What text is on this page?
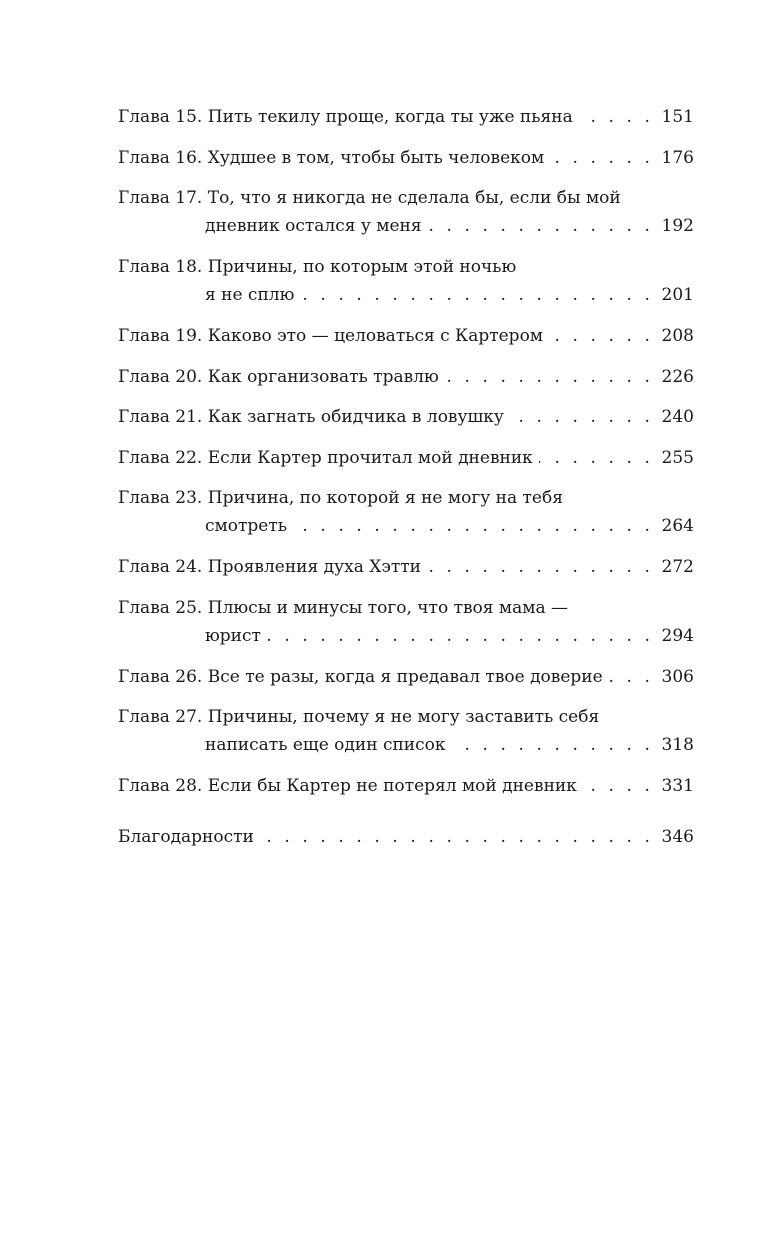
Глава 15. Пить текилу проще, когда ты уже пьяна . . .	151
Глава 16. Худшее в том, чтобы быть человеком . . .	176
Глава 17. То, что я никогда не сделала бы, если бы мой
дневник остался у меня . . .	192
Глава 18. Причины, по которым этой ночью
я не сплю . . .	201
Глава 19. Каково это — целоваться с Картером . . .	208
Глава 20. Как организовать травлю . . .	226
Глава 21. Как загнать обидчика в ловушку . . .	240
Глава 22. Если Картер прочитал мой дневник . . .	255
Глава 23. Причина, по которой я не могу на тебя
смотреть . . .	264
Глава 24. Проявления духа Хэтти . . .	272
Глава 25. Плюсы и минусы того, что твоя мама —
юрист . . .	294
Глава 26. Все те разы, когда я предавал твое доверие . . .	306
Глава 27. Причины, почему я не могу заставить себя
написать еще один список . . .	318
Глава 28. Если бы Картер не потерял мой дневник . . .	331
Благодарности . . .	346
